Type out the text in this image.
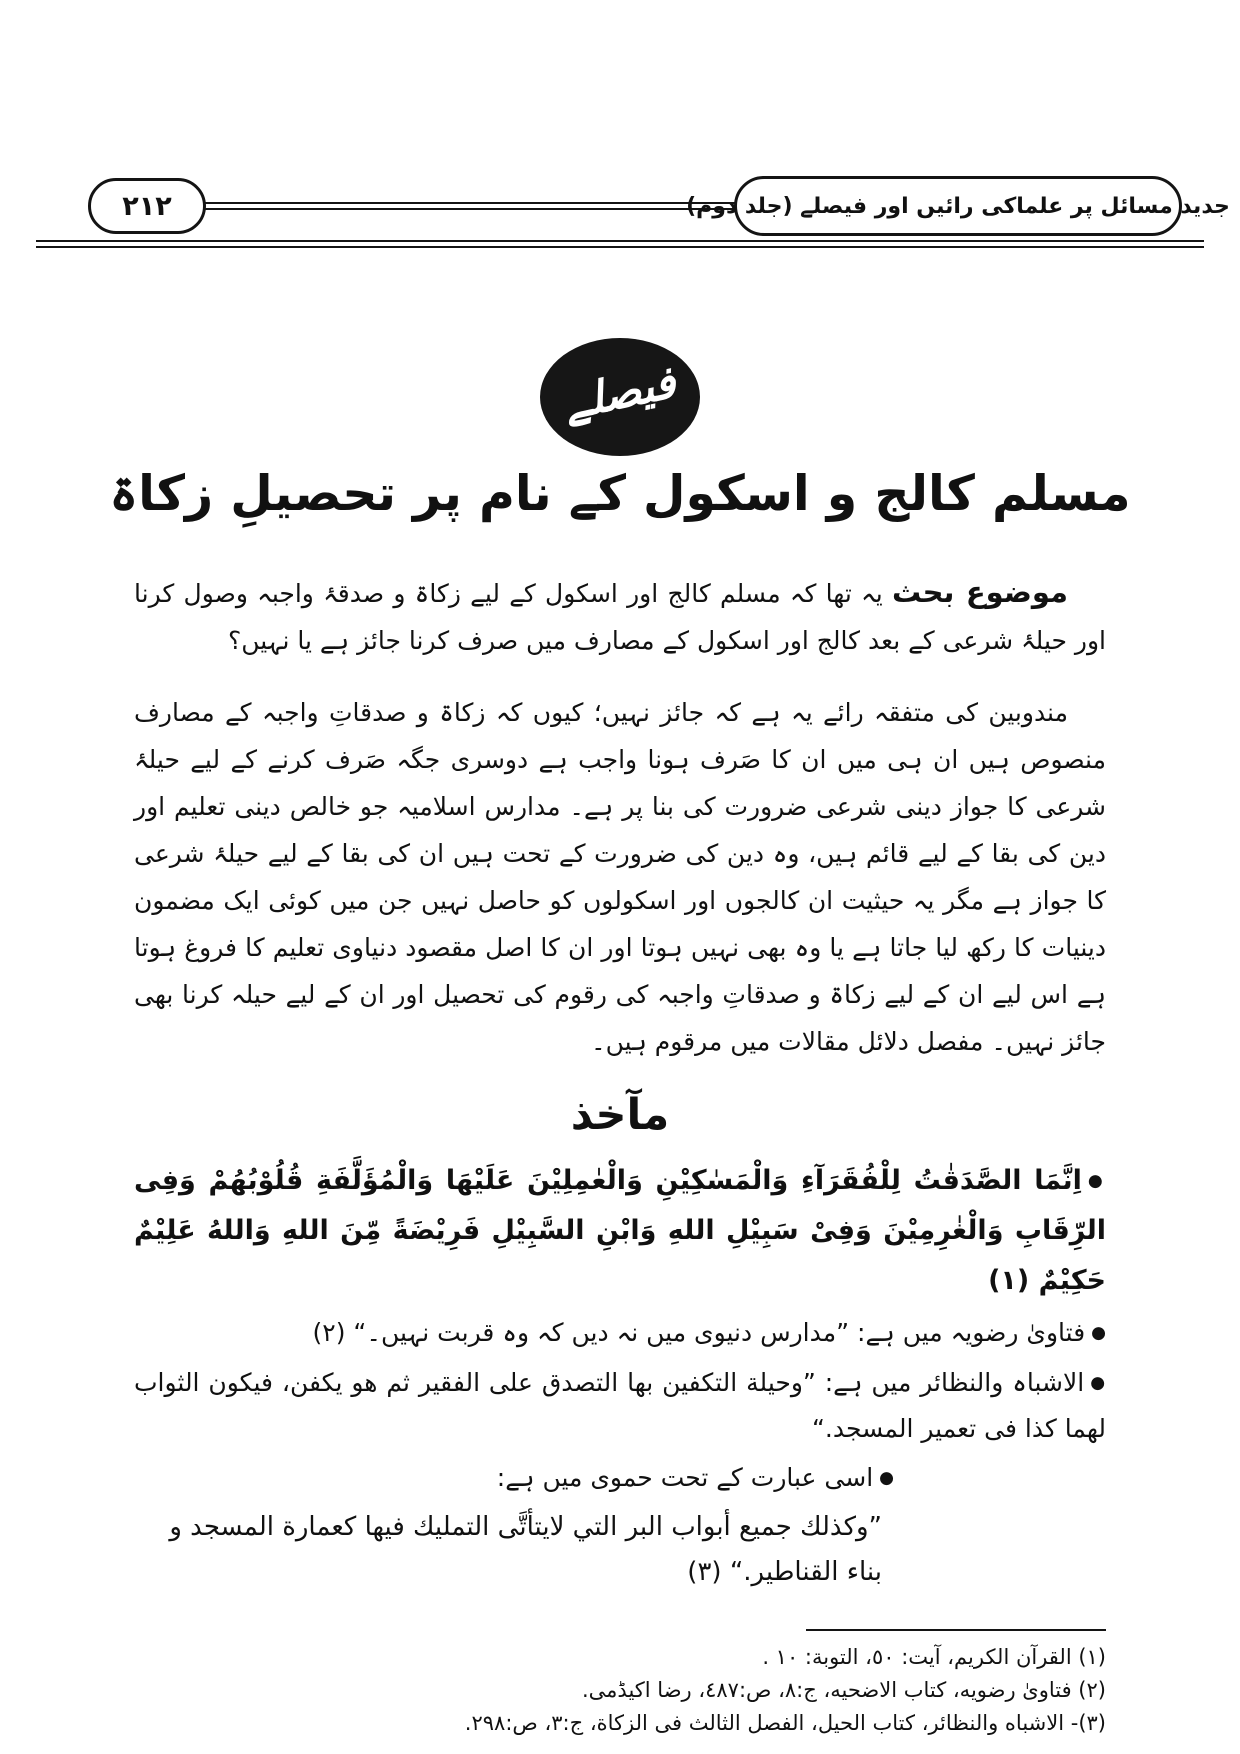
۲۱۲	جدید مسائل پر علماکی رائیں اور فیصلے (جلد دوم)
فیصلے
مسلم کالج و اسکول کے نام پر تحصیلِ زکاۃ

موضوع بحث یہ تھا کہ مسلم کالج اور اسکول کے لیے زکاۃ و صدقۂ واجبہ وصول کرنا اور حیلۂ شرعی کے بعد کالج اور اسکول کے مصارف میں صرف کرنا جائز ہے یا نہیں؟

مندوبین کی متفقہ رائے یہ ہے کہ جائز نہیں؛ کیوں کہ زکاۃ و صدقاتِ واجبہ کے مصارف منصوص ہیں ان ہی میں ان کا صَرف ہونا واجب ہے دوسری جگہ صَرف کرنے کے لیے حیلۂ شرعی کا جواز دینی شرعی ضرورت کی بنا پر ہے۔ مدارس اسلامیہ جو خالص دینی تعلیم اور دین کی بقا کے لیے قائم ہیں، وہ دین کی ضرورت کے تحت ہیں ان کی بقا کے لیے حیلۂ شرعی کا جواز ہے مگر یہ حیثیت ان کالجوں اور اسکولوں کو حاصل نہیں جن میں کوئی ایک مضمون دینیات کا رکھ لیا جاتا ہے یا وہ بھی نہیں ہوتا اور ان کا اصل مقصود دنیاوی تعلیم کا فروغ ہوتا ہے اس لیے ان کے لیے زکاۃ و صدقاتِ واجبہ کی رقوم کی تحصیل اور ان کے لیے حیلہ کرنا بھی جائز نہیں۔ مفصل دلائل مقالات میں مرقوم ہیں۔

مآخذ
●اِنَّمَا الصَّدَقٰتُ لِلْفُقَرَآءِ وَالْمَسٰکِیْنِ وَالْعٰمِلِیْنَ عَلَیْهَا وَالْمُؤَلَّفَةِ قُلُوْبُهُمْ وَفِی الرِّقَابِ وَالْغٰرِمِیْنَ وَفِیْ سَبِیْلِ اللهِ وَابْنِ السَّبِیْلِ فَرِیْضَةً مِّنَ اللهِ وَاللهُ عَلِیْمٌ حَکِیْمٌ (۱)
●فتاویٰ رضویہ میں ہے: ”مدارس دنیوی میں نہ دیں کہ وہ قربت نہیں۔“ (۲)
●الاشباہ والنظائر میں ہے: ”وحیلة التکفین بها التصدق علی الفقیر ثم هو یکفن، فیکون الثواب لهما کذا فی تعمیر المسجد.“
●اسی عبارت کے تحت حموی میں ہے:
”وکذلك جمیع أبواب البر التي لایتأتَّی التملیك فیها کعمارة المسجد و بناء القناطیر.“ (۳)
(۱) القرآن الکریم، آیت: ٥٠، التوبة: ١٠ .
(۲) فتاویٰ رضویه، کتاب الاضحیه، ج:٨، ص:٤٨٧، رضا اکیڈمی.
(۳)- الاشباه والنظائر، کتاب الحیل، الفصل الثالث فی الزکاة، ج:٣، ص:٢٩٨.
